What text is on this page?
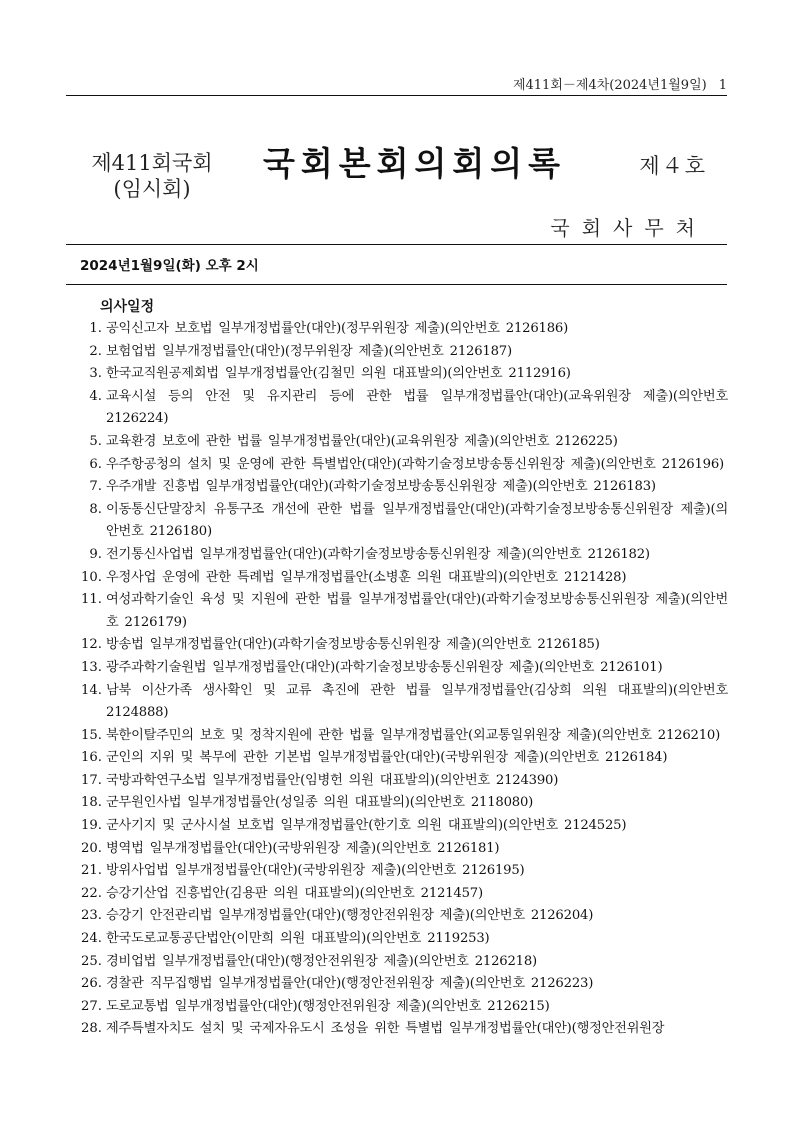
제411회－제4차(2024년1월9일) 1
제411회국회
(임시회)
국회본회의회의록	제４호
국회사무처
2024년1월9일(화) 오후 2시
의사일정
1. 공익신고자 보호법 일부개정법률안(대안)(정무위원장 제출)(의안번호 2126186)
2. 보험업법 일부개정법률안(대안)(정무위원장 제출)(의안번호 2126187)
3. 한국교직원공제회법 일부개정법률안(김철민 의원 대표발의)(의안번호 2112916)
4. 교육시설 등의 안전 및 유지관리 등에 관한 법률 일부개정법률안(대안)(교육위원장 제출)(의안번호 2126224)
5. 교육환경 보호에 관한 법률 일부개정법률안(대안)(교육위원장 제출)(의안번호 2126225)
6. 우주항공청의 설치 및 운영에 관한 특별법안(대안)(과학기술정보방송통신위원장 제출)(의안번호 2126196)
7. 우주개발 진흥법 일부개정법률안(대안)(과학기술정보방송통신위원장 제출)(의안번호 2126183)
8. 이동통신단말장치 유통구조 개선에 관한 법률 일부개정법률안(대안)(과학기술정보방송통신위원장 제출)(의안번호 2126180)
9. 전기통신사업법 일부개정법률안(대안)(과학기술정보방송통신위원장 제출)(의안번호 2126182)
10. 우정사업 운영에 관한 특례법 일부개정법률안(소병훈 의원 대표발의)(의안번호 2121428)
11. 여성과학기술인 육성 및 지원에 관한 법률 일부개정법률안(대안)(과학기술정보방송통신위원장 제출)(의안번호 2126179)
12. 방송법 일부개정법률안(대안)(과학기술정보방송통신위원장 제출)(의안번호 2126185)
13. 광주과학기술원법 일부개정법률안(대안)(과학기술정보방송통신위원장 제출)(의안번호 2126101)
14. 남북 이산가족 생사확인 및 교류 촉진에 관한 법률 일부개정법률안(김상희 의원 대표발의)(의안번호 2124888)
15. 북한이탈주민의 보호 및 정착지원에 관한 법률 일부개정법률안(외교통일위원장 제출)(의안번호 2126210)
16. 군인의 지위 및 복무에 관한 기본법 일부개정법률안(대안)(국방위원장 제출)(의안번호 2126184)
17. 국방과학연구소법 일부개정법률안(임병헌 의원 대표발의)(의안번호 2124390)
18. 군무원인사법 일부개정법률안(성일종 의원 대표발의)(의안번호 2118080)
19. 군사기지 및 군사시설 보호법 일부개정법률안(한기호 의원 대표발의)(의안번호 2124525)
20. 병역법 일부개정법률안(대안)(국방위원장 제출)(의안번호 2126181)
21. 방위사업법 일부개정법률안(대안)(국방위원장 제출)(의안번호 2126195)
22. 승강기산업 진흥법안(김용판 의원 대표발의)(의안번호 2121457)
23. 승강기 안전관리법 일부개정법률안(대안)(행정안전위원장 제출)(의안번호 2126204)
24. 한국도로교통공단법안(이만희 의원 대표발의)(의안번호 2119253)
25. 경비업법 일부개정법률안(대안)(행정안전위원장 제출)(의안번호 2126218)
26. 경찰관 직무집행법 일부개정법률안(대안)(행정안전위원장 제출)(의안번호 2126223)
27. 도로교통법 일부개정법률안(대안)(행정안전위원장 제출)(의안번호 2126215)
28. 제주특별자치도 설치 및 국제자유도시 조성을 위한 특별법 일부개정법률안(대안)(행정안전위원장
